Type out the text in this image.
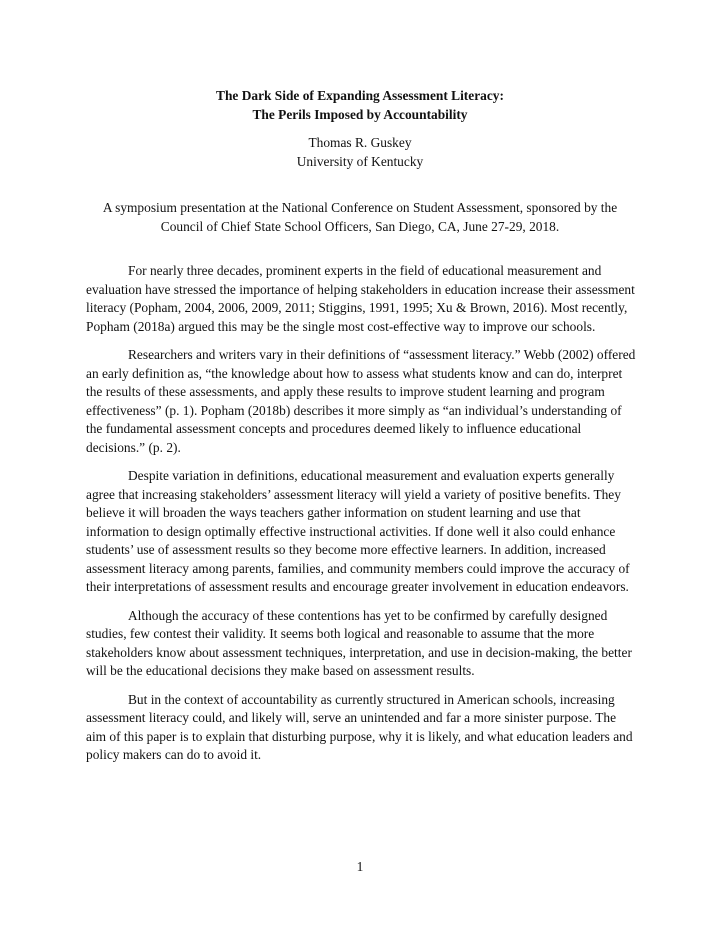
The Dark Side of Expanding Assessment Literacy:
The Perils Imposed by Accountability
Thomas R. Guskey
University of Kentucky
A symposium presentation at the National Conference on Student Assessment, sponsored by the Council of Chief State School Officers, San Diego, CA, June 27-29, 2018.

For nearly three decades, prominent experts in the field of educational measurement and evaluation have stressed the importance of helping stakeholders in education increase their assessment literacy (Popham, 2004, 2006, 2009, 2011; Stiggins, 1991, 1995; Xu & Brown, 2016). Most recently, Popham (2018a) argued this may be the single most cost-effective way to improve our schools.

Researchers and writers vary in their definitions of “assessment literacy.” Webb (2002) offered an early definition as, “the knowledge about how to assess what students know and can do, interpret the results of these assessments, and apply these results to improve student learning and program effectiveness” (p. 1). Popham (2018b) describes it more simply as “an individual’s understanding of the fundamental assessment concepts and procedures deemed likely to influence educational decisions.” (p. 2).

Despite variation in definitions, educational measurement and evaluation experts generally agree that increasing stakeholders’ assessment literacy will yield a variety of positive benefits. They believe it will broaden the ways teachers gather information on student learning and use that information to design optimally effective instructional activities. If done well it also could enhance students’ use of assessment results so they become more effective learners. In addition, increased assessment literacy among parents, families, and community members could improve the accuracy of their interpretations of assessment results and encourage greater involvement in education endeavors.

Although the accuracy of these contentions has yet to be confirmed by carefully designed studies, few contest their validity. It seems both logical and reasonable to assume that the more stakeholders know about assessment techniques, interpretation, and use in decision-making, the better will be the educational decisions they make based on assessment results.

But in the context of accountability as currently structured in American schools, increasing assessment literacy could, and likely will, serve an unintended and far a more sinister purpose. The aim of this paper is to explain that disturbing purpose, why it is likely, and what education leaders and policy makers can do to avoid it.

1
